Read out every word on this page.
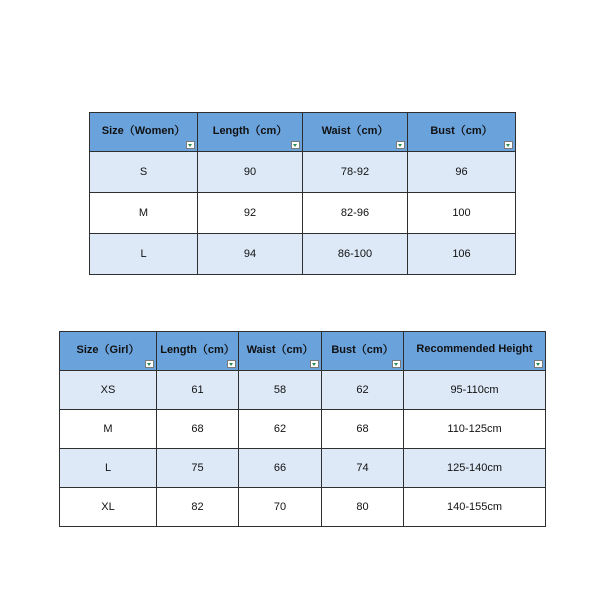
Size（Women）	Length（cm）	Waist（cm）	Bust（cm）

S	90	78-92	96
M	92	82-96	100
L	94	86-100	106
Size（Girl）	Length（cm）	Waist（cm）	Bust（cm）	Recommended Height

XS	61	58	62	95-110cm
M	68	62	68	110-125cm
L	75	66	74	125-140cm
XL	82	70	80	140-155cm
